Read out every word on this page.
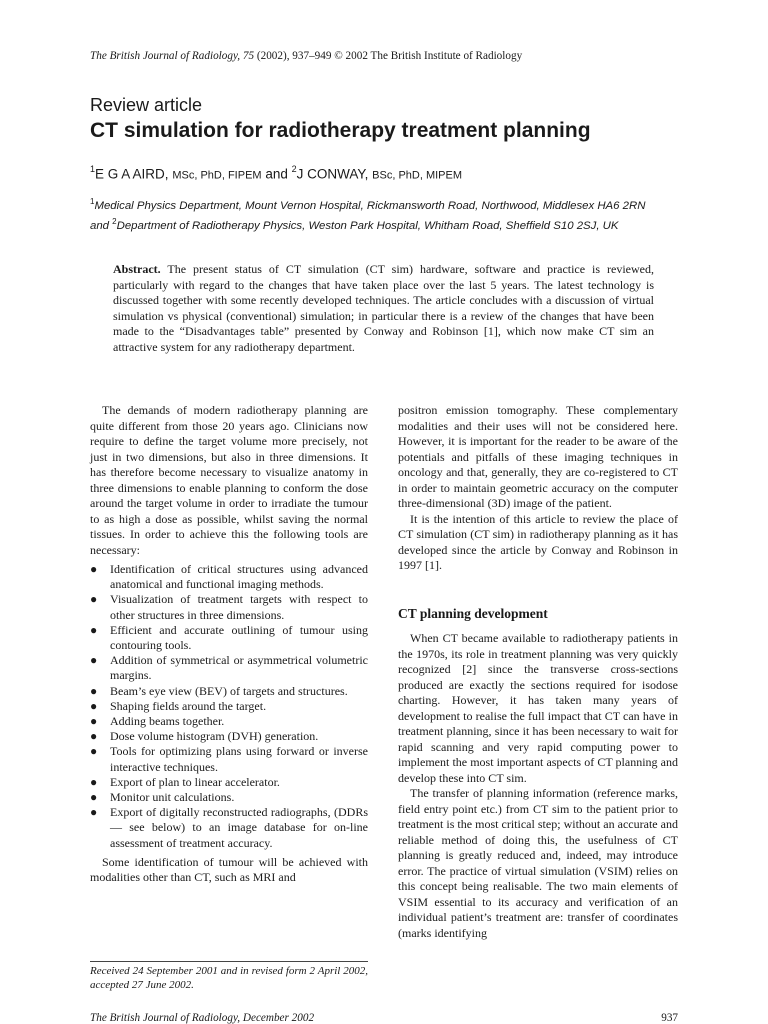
The British Journal of Radiology, 75 (2002), 937–949 © 2002 The British Institute of Radiology
Review article
CT simulation for radiotherapy treatment planning
$^1$E G A AIRD, MSc, PhD, FIPEM and $^2$J CONWAY, BSc, PhD, MIPEM
$^1$Medical Physics Department, Mount Vernon Hospital, Rickmansworth Road, Northwood, Middlesex HA6 2RN and $^2$Department of Radiotherapy Physics, Weston Park Hospital, Whitham Road, Sheffield S10 2SJ, UK
Abstract. The present status of CT simulation (CT sim) hardware, software and practice is reviewed, particularly with regard to the changes that have taken place over the last 5 years. The latest technology is discussed together with some recently developed techniques. The article concludes with a discussion of virtual simulation vs physical (conventional) simulation; in particular there is a review of the changes that have been made to the “Disadvantages table” presented by Conway and Robinson [1], which now make CT sim an attractive system for any radiotherapy department.

The demands of modern radiotherapy planning are quite different from those 20 years ago. Clinicians now require to define the target volume more precisely, not just in two dimensions, but also in three dimensions. It has therefore become necessary to visualize anatomy in three dimensions to enable planning to conform the dose around the target volume in order to irradiate the tumour to as high a dose as possible, whilst saving the normal tissues. In order to achieve this the following tools are necessary:

● Identification of critical structures using advanced anatomical and functional imaging methods.
● Visualization of treatment targets with respect to other structures in three dimensions.
● Efficient and accurate outlining of tumour using contouring tools.
● Addition of symmetrical or asymmetrical volumetric margins.
● Beam’s eye view (BEV) of targets and structures.
● Shaping fields around the target.
● Adding beams together.
● Dose volume histogram (DVH) generation.
● Tools for optimizing plans using forward or inverse interactive techniques.
● Export of plan to linear accelerator.
● Monitor unit calculations.
● Export of digitally reconstructed radiographs, (DDRs — see below) to an image database for on-line assessment of treatment accuracy.

Some identification of tumour will be achieved with modalities other than CT, such as MRI and

positron emission tomography. These complementary modalities and their uses will not be considered here. However, it is important for the reader to be aware of the potentials and pitfalls of these imaging techniques in oncology and that, generally, they are co-registered to CT in order to maintain geometric accuracy on the computer three-dimensional (3D) image of the patient.

It is the intention of this article to review the place of CT simulation (CT sim) in radiotherapy planning as it has developed since the article by Conway and Robinson in 1997 [1].

CT planning development

When CT became available to radiotherapy patients in the 1970s, its role in treatment planning was very quickly recognized [2] since the transverse cross-sections produced are exactly the sections required for isodose charting. However, it has taken many years of development to realise the full impact that CT can have in treatment planning, since it has been necessary to wait for rapid scanning and very rapid computing power to implement the most important aspects of CT planning and develop these into CT sim.

The transfer of planning information (reference marks, field entry point etc.) from CT sim to the patient prior to treatment is the most critical step; without an accurate and reliable method of doing this, the usefulness of CT planning is greatly reduced and, indeed, may introduce error. The practice of virtual simulation (VSIM) relies on this concept being realisable. The two main elements of VSIM essential to its accuracy and verification of an individual patient’s treatment are: transfer of coordinates (marks identifying

Received 24 September 2001 and in revised form 2 April 2002, accepted 27 June 2002.
The British Journal of Radiology, December 2002	937
